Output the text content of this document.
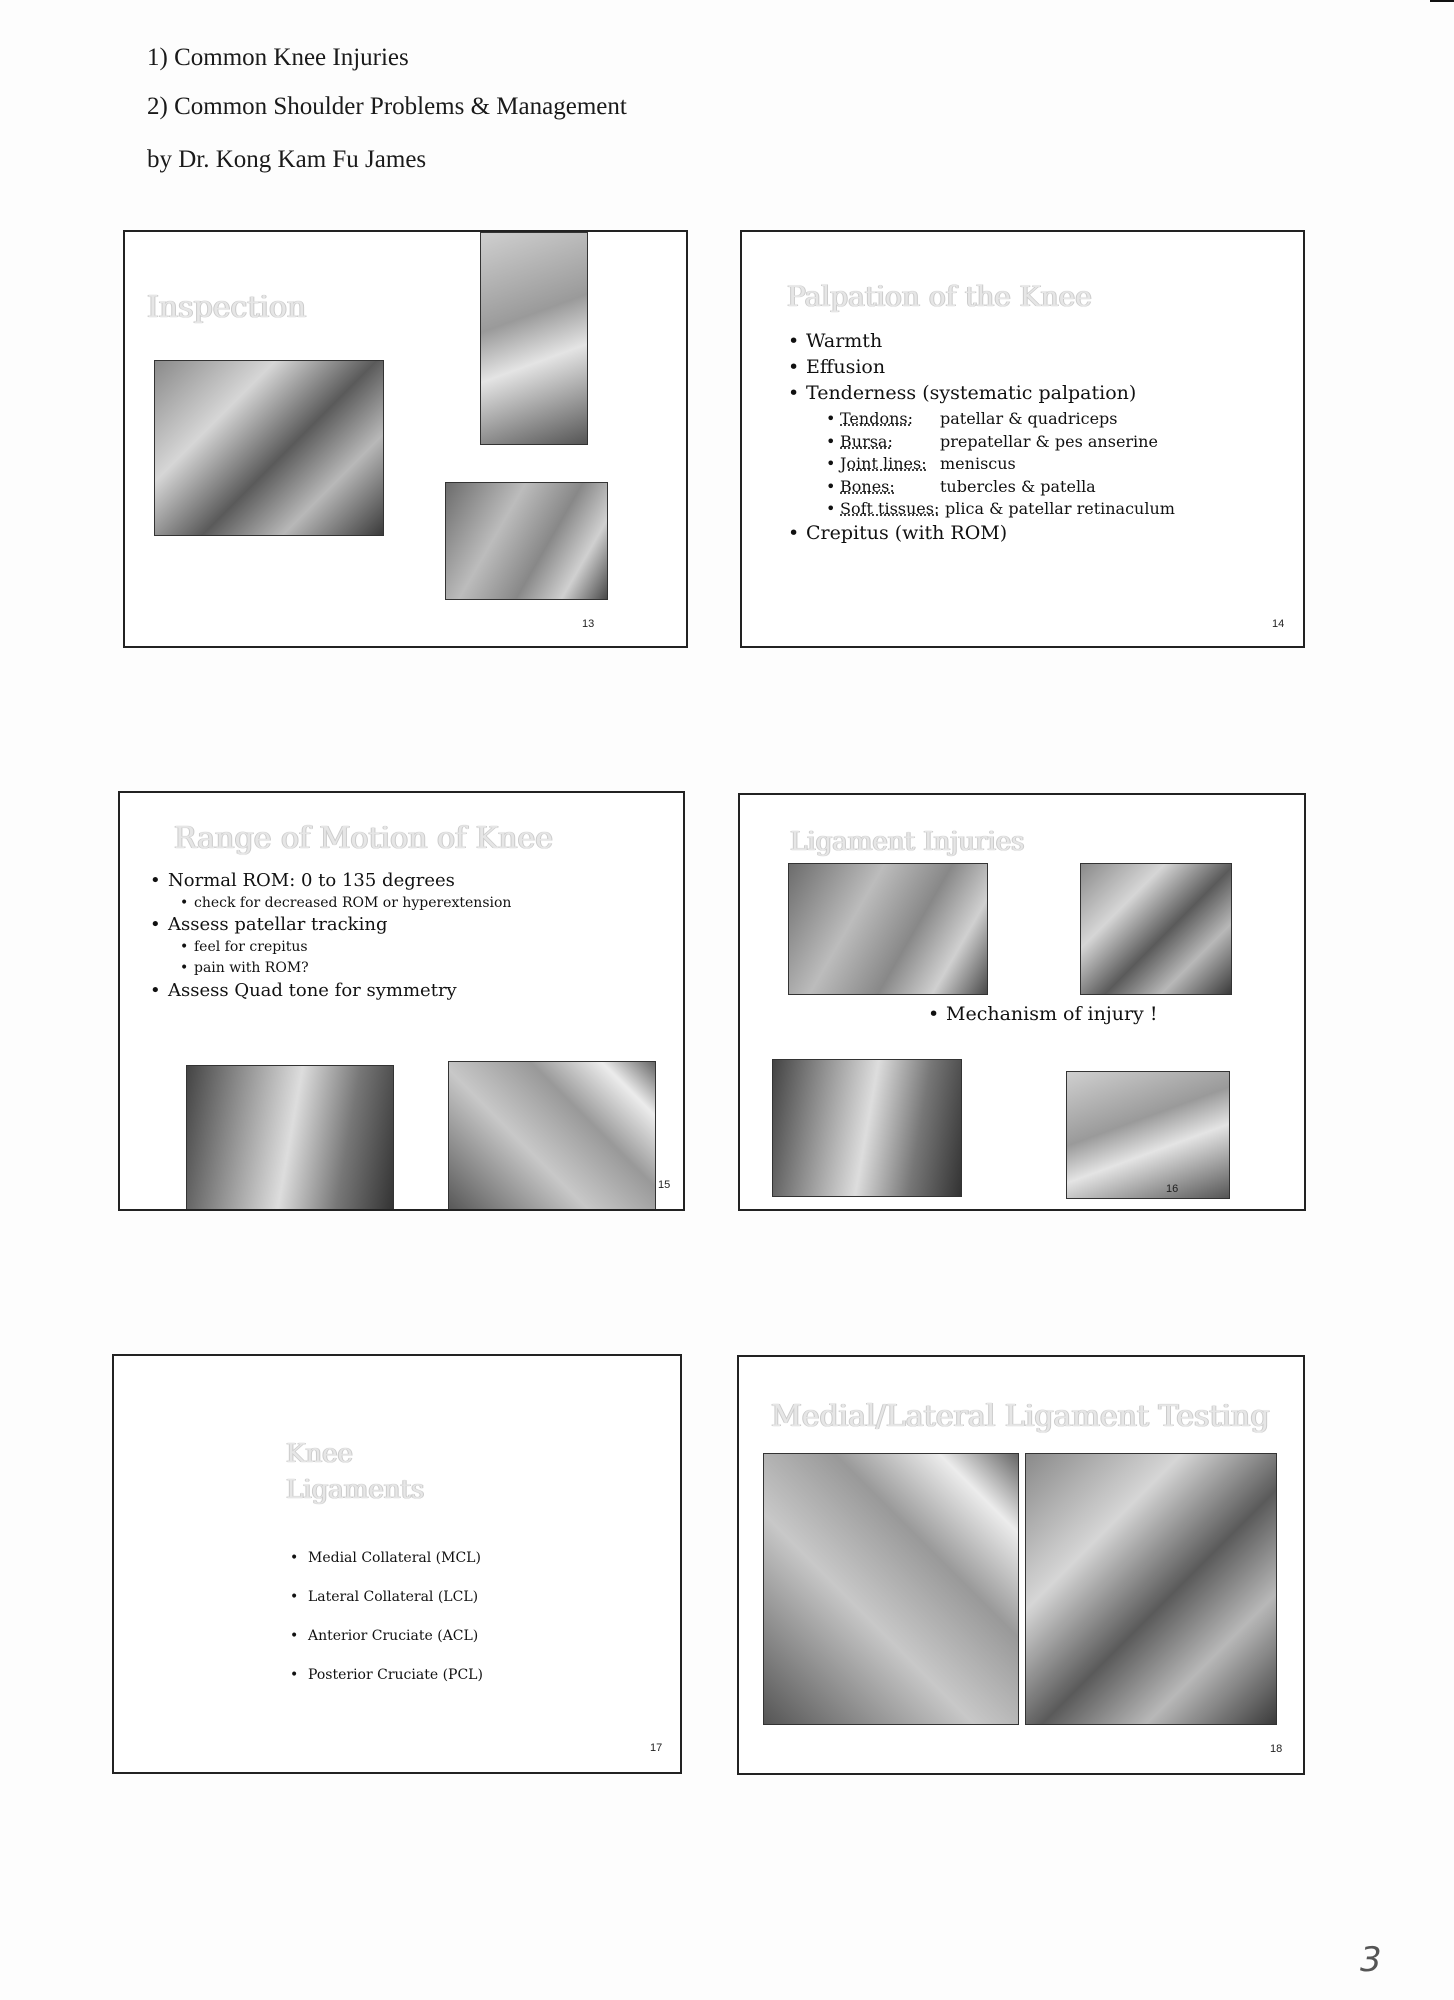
1) Common Knee Injuries
2) Common Shoulder Problems & Management
by Dr. Kong Kam Fu James
Inspection
13
Palpation of the Knee
• Warmth
• Effusion
• Tenderness (systematic palpation)
• Tendons:	patellar & quadriceps
• Bursa:	prepatellar & pes anserine
• Joint lines: meniscus
• Bones:	tubercles & patella
• Soft tissues: plica & patellar retinaculum
• Crepitus (with ROM)
14
Range of Motion of Knee
• Normal ROM: 0 to 135 degrees
• check for decreased ROM or hyperextension
• Assess patellar tracking
• feel for crepitus
• pain with ROM?
• Assess Quad tone for symmetry
15
Ligament Injuries
• Mechanism of injury !
16
Knee
Ligaments
• Medial Collateral (MCL)
• Lateral Collateral (LCL)
• Anterior Cruciate (ACL)
• Posterior Cruciate (PCL)
17
Medial/Lateral Ligament Testing
18
3
